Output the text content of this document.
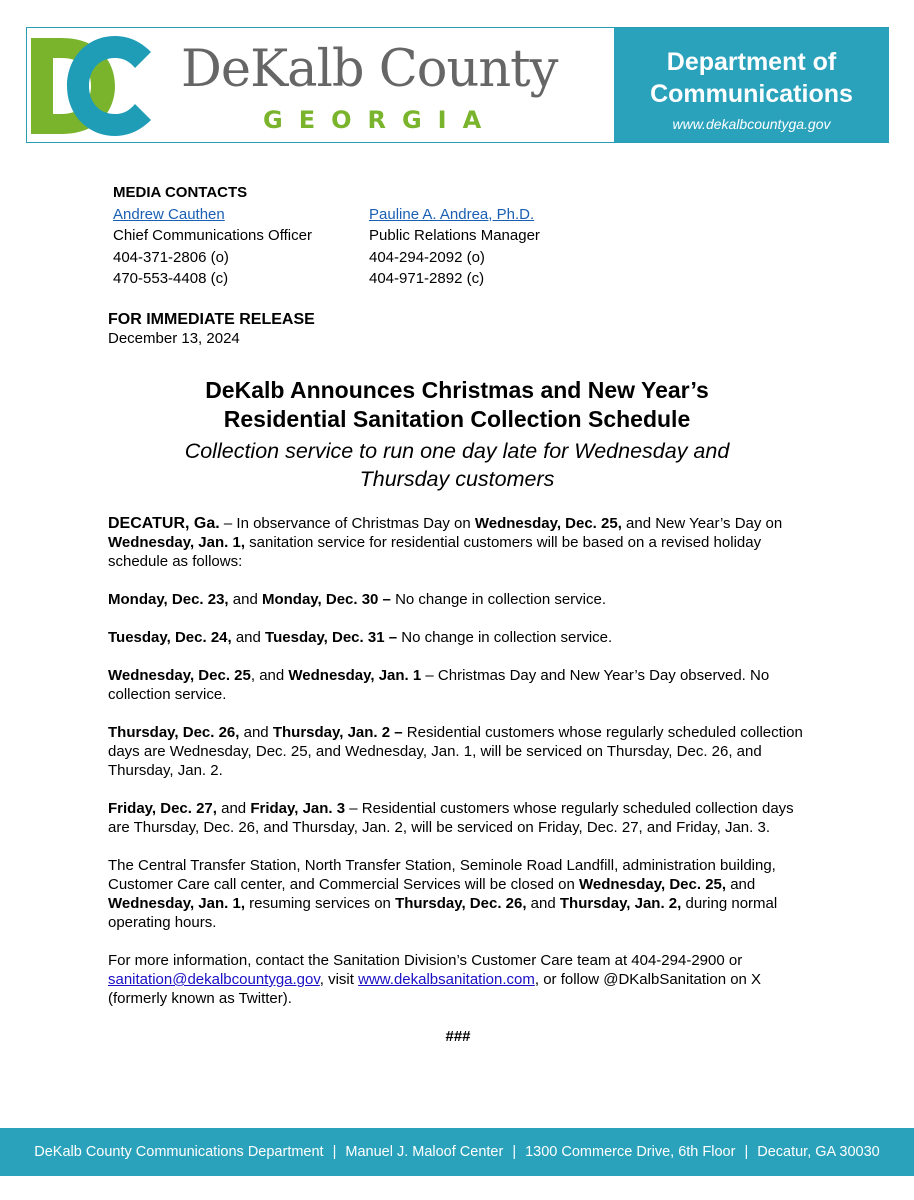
DeKalb County
GEORGIA
Department of
Communications
www.dekalbcountyga.gov
MEDIA CONTACTS
Andrew Cauthen
Chief Communications Officer
404-371-2806 (o)
470-553-4408 (c)
Pauline A. Andrea, Ph.D.
Public Relations Manager
404-294-2092 (o)
404-971-2892 (c)
FOR IMMEDIATE RELEASE
December 13, 2024
DeKalb Announces Christmas and New Year’s
Residential Sanitation Collection Schedule
Collection service to run one day late for Wednesday and
Thursday customers

DECATUR, Ga. – In observance of Christmas Day on Wednesday, Dec. 25, and New Year’s Day on Wednesday, Jan. 1, sanitation service for residential customers will be based on a revised holiday schedule as follows:

Monday, Dec. 23, and Monday, Dec. 30 – No change in collection service.

Tuesday, Dec. 24, and Tuesday, Dec. 31 – No change in collection service.

Wednesday, Dec. 25, and Wednesday, Jan. 1 – Christmas Day and New Year’s Day observed. No collection service.

Thursday, Dec. 26, and Thursday, Jan. 2 – Residential customers whose regularly scheduled collection days are Wednesday, Dec. 25, and Wednesday, Jan. 1, will be serviced on Thursday, Dec. 26, and Thursday, Jan. 2.

Friday, Dec. 27, and Friday, Jan. 3 – Residential customers whose regularly scheduled collection days are Thursday, Dec. 26, and Thursday, Jan. 2, will be serviced on Friday, Dec. 27, and Friday, Jan. 3.

The Central Transfer Station, North Transfer Station, Seminole Road Landfill, administration building, Customer Care call center, and Commercial Services will be closed on Wednesday, Dec. 25, and Wednesday, Jan. 1, resuming services on Thursday, Dec. 26, and Thursday, Jan. 2, during normal operating hours.

For more information, contact the Sanitation Division’s Customer Care team at 404-294-2900 or sanitation@dekalbcountyga.gov, visit www.dekalbsanitation.com, or follow @DKalbSanitation on X (formerly known as Twitter).

###
DeKalb County Communications Department | Manuel J. Maloof Center | 1300 Commerce Drive, 6th Floor | Decatur, GA 30030
